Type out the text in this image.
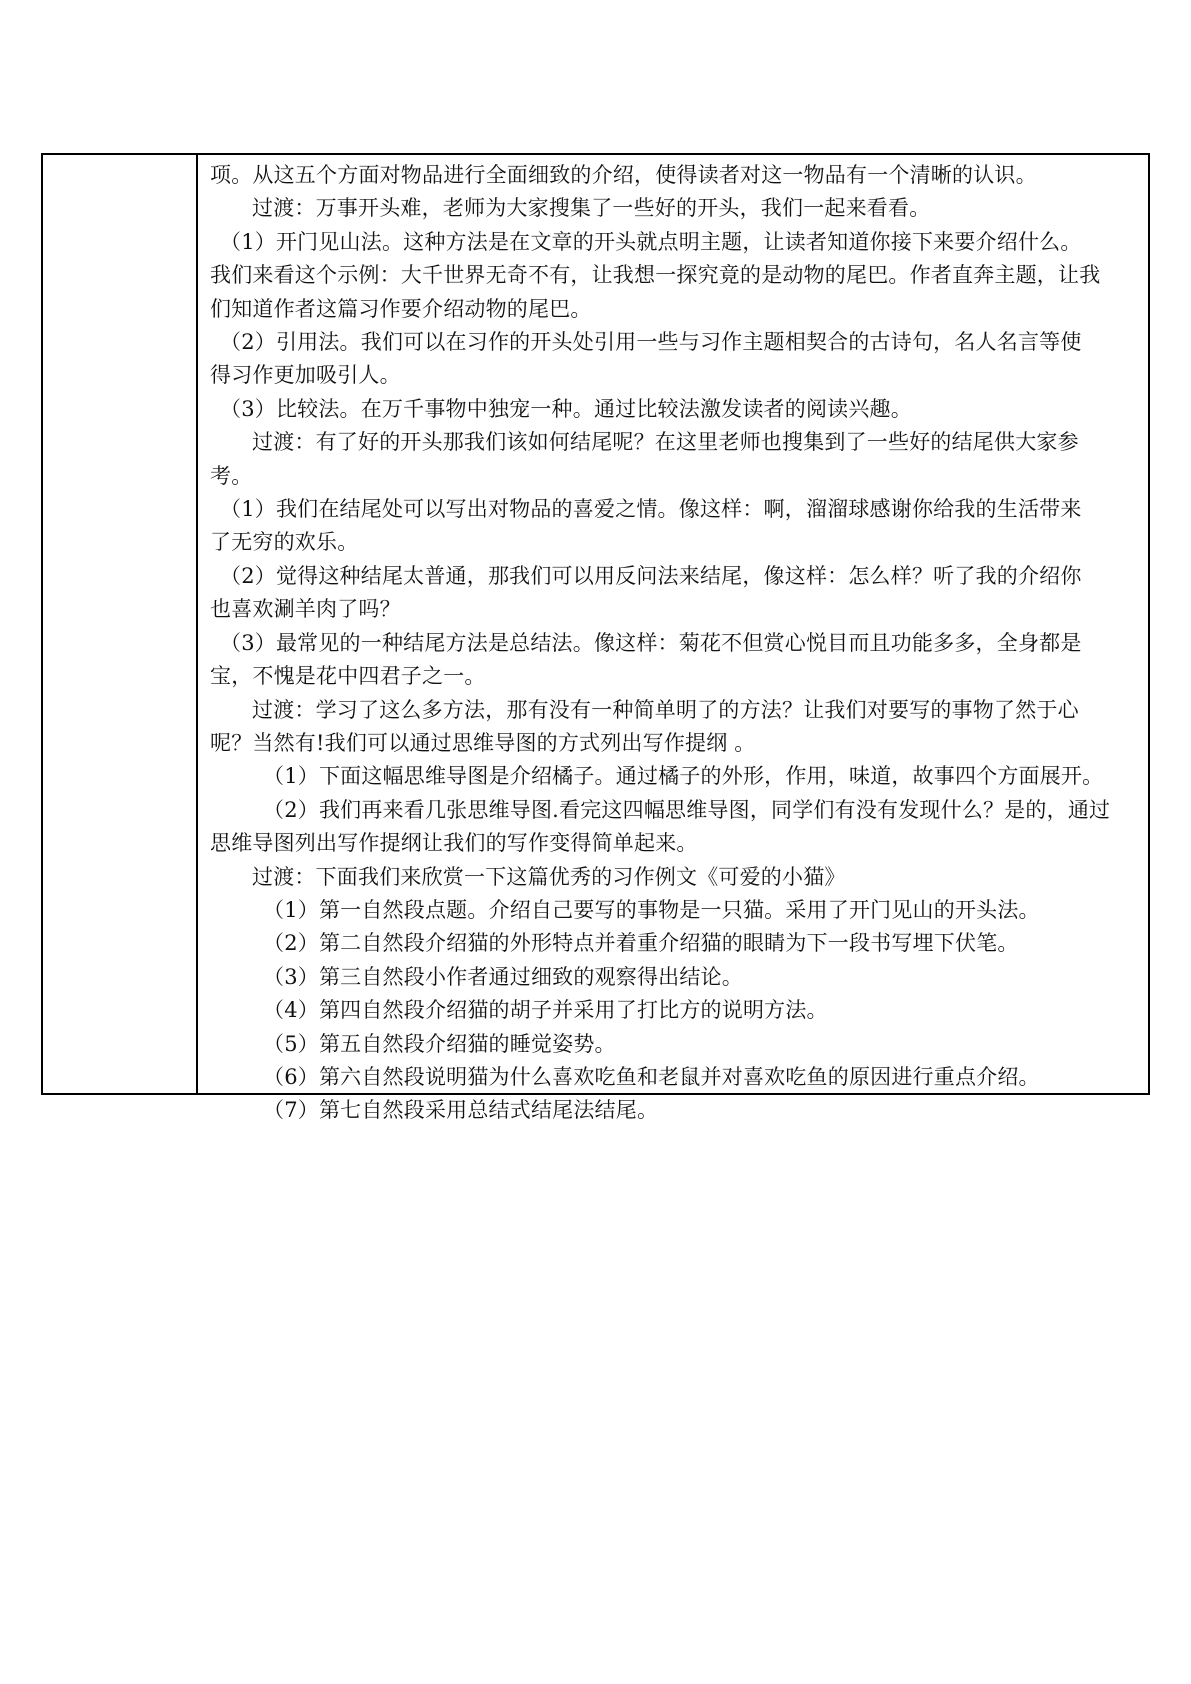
项。从这五个方面对物品进行全面细致的介绍，使得读者对这一物品有一个清晰的认识。
过渡：万事开头难，老师为大家搜集了一些好的开头，我们一起来看看。
（1）开门见山法。这种方法是在文章的开头就点明主题，让读者知道你接下来要介绍什么。
我们来看这个示例：大千世界无奇不有，让我想一探究竟的是动物的尾巴。作者直奔主题，让我
们知道作者这篇习作要介绍动物的尾巴。
（2）引用法。我们可以在习作的开头处引用一些与习作主题相契合的古诗句，名人名言等使
得习作更加吸引人。
（3）比较法。在万千事物中独宠一种。通过比较法激发读者的阅读兴趣。
过渡：有了好的开头那我们该如何结尾呢？在这里老师也搜集到了一些好的结尾供大家参
考。
（1）我们在结尾处可以写出对物品的喜爱之情。像这样：啊，溜溜球感谢你给我的生活带来
了无穷的欢乐。
（2）觉得这种结尾太普通，那我们可以用反问法来结尾，像这样：怎么样？听了我的介绍你
也喜欢涮羊肉了吗？
（3）最常见的一种结尾方法是总结法。像这样：菊花不但赏心悦目而且功能多多，全身都是
宝，不愧是花中四君子之一。
过渡：学习了这么多方法，那有没有一种简单明了的方法？让我们对要写的事物了然于心
呢？当然有!我们可以通过思维导图的方式列出写作提纲 。
（1）下面这幅思维导图是介绍橘子。通过橘子的外形，作用，味道，故事四个方面展开。
（2）我们再来看几张思维导图.看完这四幅思维导图，同学们有没有发现什么？是的，通过
思维导图列出写作提纲让我们的写作变得简单起来。
过渡：下面我们来欣赏一下这篇优秀的习作例文《可爱的小猫》
（1）第一自然段点题。介绍自己要写的事物是一只猫。采用了开门见山的开头法。
（2）第二自然段介绍猫的外形特点并着重介绍猫的眼睛为下一段书写埋下伏笔。
（3）第三自然段小作者通过细致的观察得出结论。
（4）第四自然段介绍猫的胡子并采用了打比方的说明方法。
（5）第五自然段介绍猫的睡觉姿势。
（6）第六自然段说明猫为什么喜欢吃鱼和老鼠并对喜欢吃鱼的原因进行重点介绍。
（7）第七自然段采用总结式结尾法结尾。
